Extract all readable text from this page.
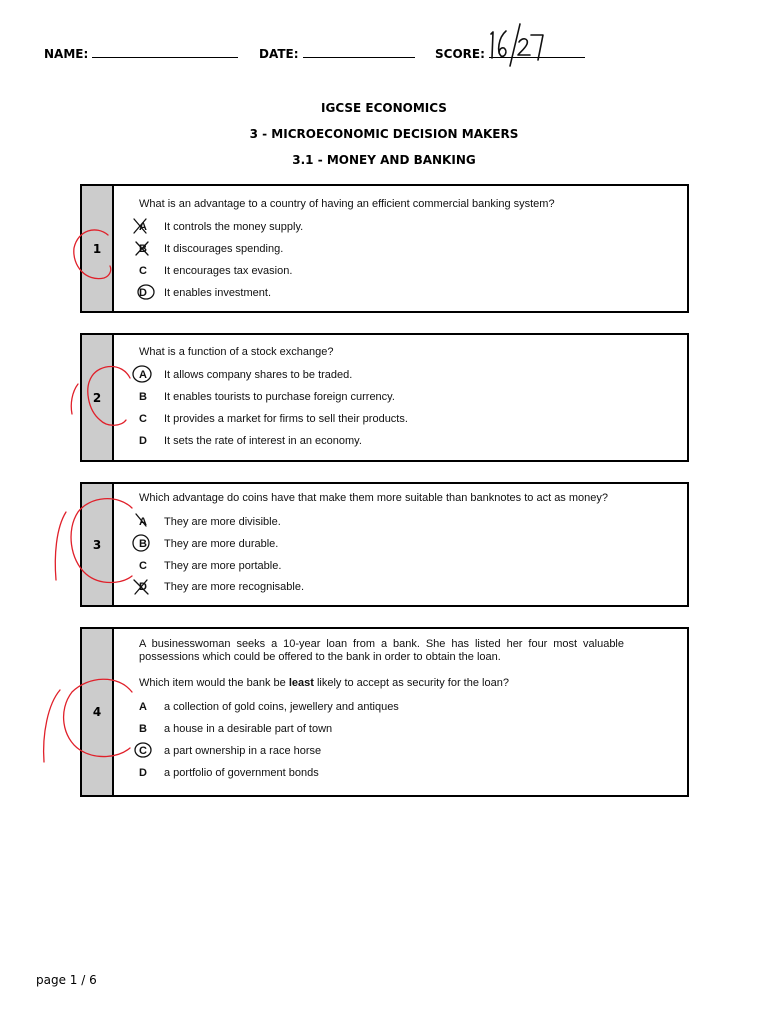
NAME:	DATE:	SCORE:
IGCSE ECONOMICS
3 - MICROECONOMIC DECISION MAKERS
3.1 - MONEY AND BANKING
1
What is an advantage to a country of having an efficient commercial banking system?
A It controls the money supply.
B It discourages spending.
C It encourages tax evasion.
D It enables investment.
2
What is a function of a stock exchange?
A It allows company shares to be traded.
B It enables tourists to purchase foreign currency.
C It provides a market for firms to sell their products.
D It sets the rate of interest in an economy.
3
Which advantage do coins have that make them more suitable than banknotes to act as money?
A They are more divisible.
B They are more durable.
C They are more portable.
D They are more recognisable.
4
A businesswoman seeks a 10-year loan from a bank. She has listed her four most valuable possessions which could be offered to the bank in order to obtain the loan.
Which item would the bank be least likely to accept as security for the loan?
A a collection of gold coins, jewellery and antiques
B a house in a desirable part of town
C a part ownership in a race horse
D a portfolio of government bonds
page 1 / 6
